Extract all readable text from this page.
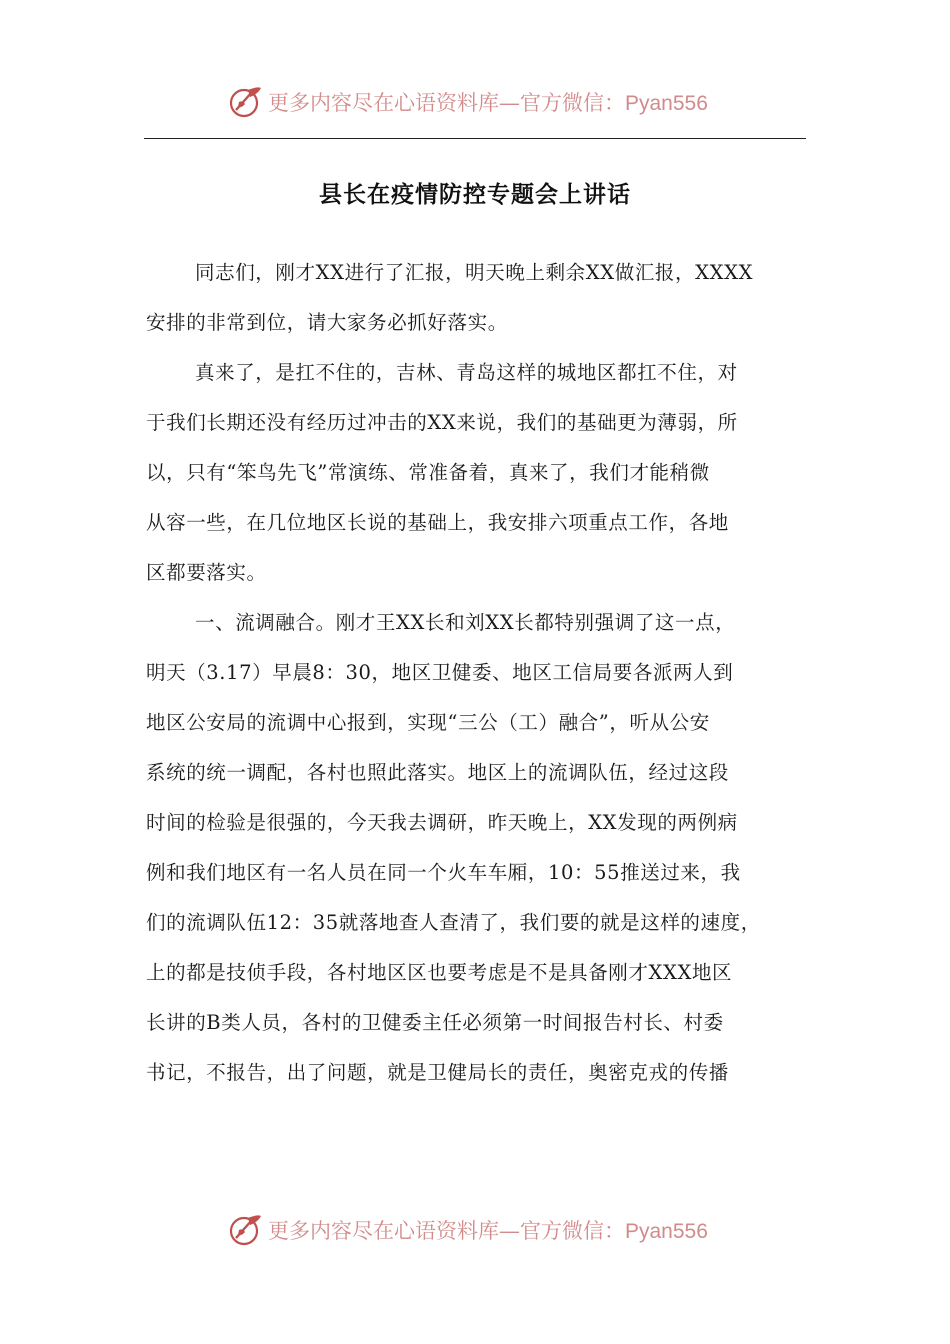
更多内容尽在心语资料库—官方微信：Pyan556
县长在疫情防控专题会上讲话
同志们，刚才XX进行了汇报，明天晚上剩余XX做汇报，XXXX
安排的非常到位，请大家务必抓好落实。
真来了，是扛不住的，吉林、青岛这样的城地区都扛不住，对
于我们长期还没有经历过冲击的XX来说，我们的基础更为薄弱，所
以，只有“笨鸟先飞”常演练、常准备着，真来了，我们才能稍微
从容一些，在几位地区长说的基础上，我安排六项重点工作，各地
区都要落实。
一、流调融合。刚才王XX长和刘XX长都特别强调了这一点，
明天（3.17）早晨8：30，地区卫健委、地区工信局要各派两人到
地区公安局的流调中心报到，实现“三公（工）融合”，听从公安
系统的统一调配，各村也照此落实。地区上的流调队伍，经过这段
时间的检验是很强的，今天我去调研，昨天晚上，XX发现的两例病
例和我们地区有一名人员在同一个火车车厢，10：55推送过来，我
们的流调队伍12：35就落地查人查清了，我们要的就是这样的速度，
上的都是技侦手段，各村地区区也要考虑是不是具备刚才XXX地区
长讲的B类人员，各村的卫健委主任必须第一时间报告村长、村委
书记，不报告，出了问题，就是卫健局长的责任，奥密克戎的传播
更多内容尽在心语资料库—官方微信：Pyan556
